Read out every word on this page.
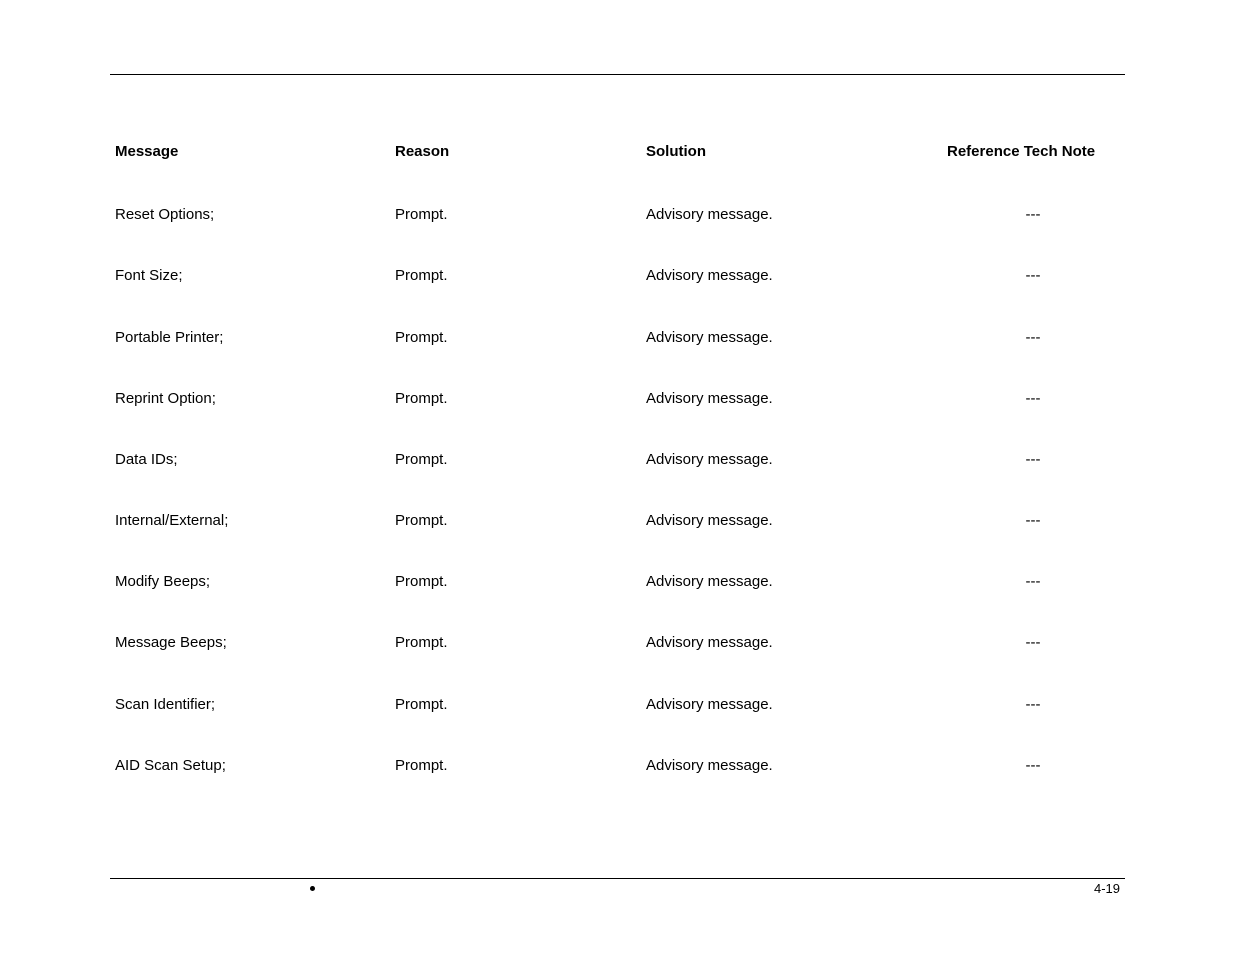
Message	Reason	Solution	Reference Tech Note
Reset Options;	Prompt.	Advisory message.	---
Font Size;	Prompt.	Advisory message.	---
Portable Printer;	Prompt.	Advisory message.	---
Reprint Option;	Prompt.	Advisory message.	---
Data IDs;	Prompt.	Advisory message.	---
Internal/External;	Prompt.	Advisory message.	---
Modify Beeps;	Prompt.	Advisory message.	---
Message Beeps;	Prompt.	Advisory message.	---
Scan Identifier;	Prompt.	Advisory message.	---
AID Scan Setup;	Prompt.	Advisory message.	---
4-19
